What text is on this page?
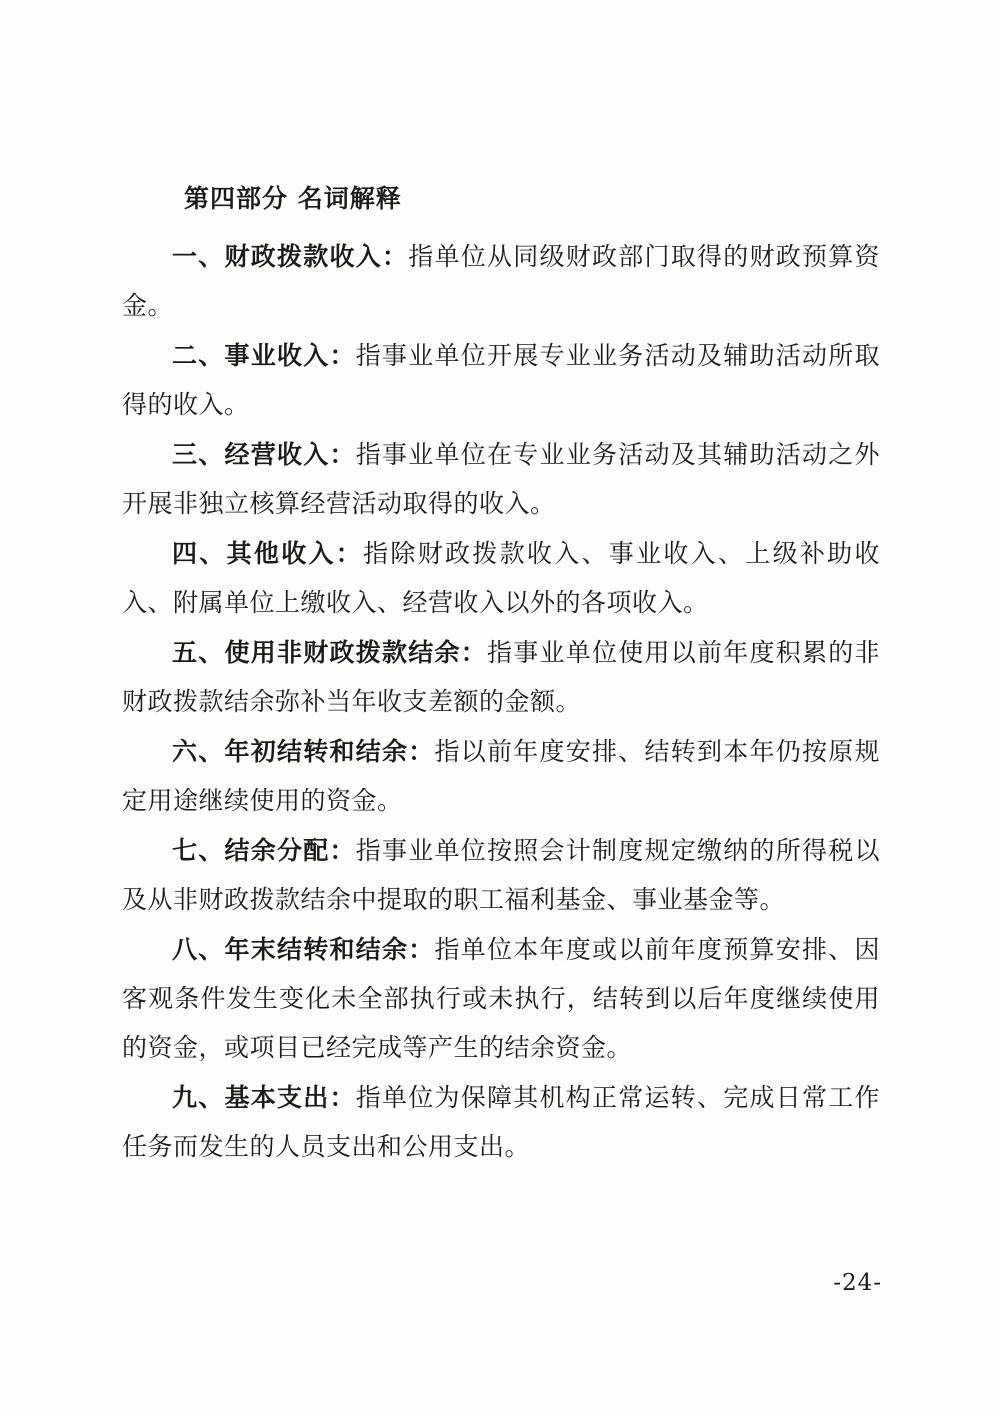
第四部分 名词解释

一、财政拨款收入：指单位从同级财政部门取得的财政预算资金。

二、事业收入：指事业单位开展专业业务活动及辅助活动所取得的收入。

三、经营收入：指事业单位在专业业务活动及其辅助活动之外开展非独立核算经营活动取得的收入。

四、其他收入：指除财政拨款收入、事业收入、上级补助收入、附属单位上缴收入、经营收入以外的各项收入。

五、使用非财政拨款结余：指事业单位使用以前年度积累的非财政拨款结余弥补当年收支差额的金额。

六、年初结转和结余：指以前年度安排、结转到本年仍按原规定用途继续使用的资金。

七、结余分配：指事业单位按照会计制度规定缴纳的所得税以及从非财政拨款结余中提取的职工福利基金、事业基金等。

八、年末结转和结余：指单位本年度或以前年度预算安排、因客观条件发生变化未全部执行或未执行，结转到以后年度继续使用的资金，或项目已经完成等产生的结余资金。

九、基本支出：指单位为保障其机构正常运转、完成日常工作任务而发生的人员支出和公用支出。

-24-
